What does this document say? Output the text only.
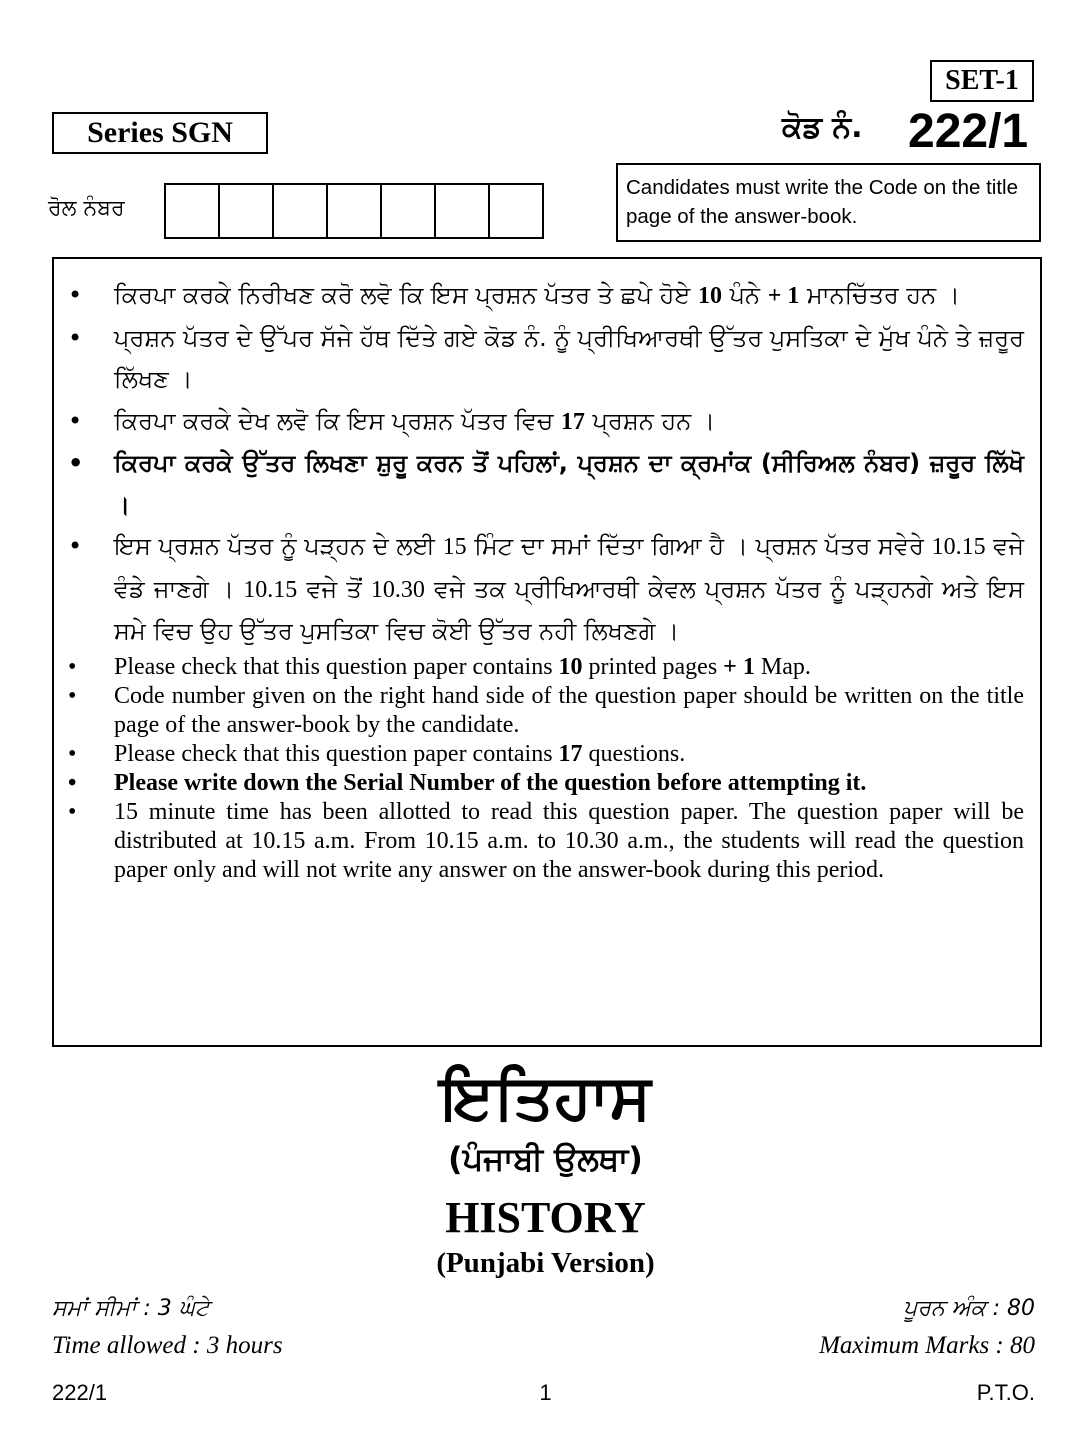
SET-1
Series SGN	ਕੋਡ ਨੰ. 222/1
ਰੋਲ ਨੰਬਰ
Candidates must write the Code on the title page of the answer-book.
• ਕਿਰਪਾ ਕਰਕੇ ਨਿਰੀਖਣ ਕਰੋ ਲਵੋ ਕਿ ਇਸ ਪ੍ਰਸ਼ਨ ਪੱਤਰ ਤੇ ਛਪੇ ਹੋਏ 10 ਪੰਨੇ + 1 ਮਾਨਚਿੱਤਰ ਹਨ ।
• ਪ੍ਰਸ਼ਨ ਪੱਤਰ ਦੇ ਉੱਪਰ ਸੱਜੇ ਹੱਥ ਦਿੱਤੇ ਗਏ ਕੋਡ ਨੰ. ਨੂੰ ਪ੍ਰੀਖਿਆਰਥੀ ਉੱਤਰ ਪੁਸਤਿਕਾ ਦੇ ਮੁੱਖ ਪੰਨੇ ਤੇ ਜ਼ਰੂਰ ਲਿੱਖਣ ।
• ਕਿਰਪਾ ਕਰਕੇ ਦੇਖ ਲਵੋ ਕਿ ਇਸ ਪ੍ਰਸ਼ਨ ਪੱਤਰ ਵਿਚ 17 ਪ੍ਰਸ਼ਨ ਹਨ ।
• ਕਿਰਪਾ ਕਰਕੇ ਉੱਤਰ ਲਿਖਣਾ ਸ਼ੁਰੂ ਕਰਨ ਤੋਂ ਪਹਿਲਾਂ, ਪ੍ਰਸ਼ਨ ਦਾ ਕ੍ਰਮਾਂਕ (ਸੀਰਿਅਲ ਨੰਬਰ) ਜ਼ਰੂਰ ਲਿੱਖੋ ।
• ਇਸ ਪ੍ਰਸ਼ਨ ਪੱਤਰ ਨੂੰ ਪੜ੍ਹਨ ਦੇ ਲਈ 15 ਮਿੰਟ ਦਾ ਸਮਾਂ ਦਿੱਤਾ ਗਿਆ ਹੈ । ਪ੍ਰਸ਼ਨ ਪੱਤਰ ਸਵੇਰੇ 10.15 ਵਜੇ ਵੰਡੇ ਜਾਣਗੇ । 10.15 ਵਜੇ ਤੋਂ 10.30 ਵਜੇ ਤਕ ਪ੍ਰੀਖਿਆਰਥੀ ਕੇਵਲ ਪ੍ਰਸ਼ਨ ਪੱਤਰ ਨੂੰ ਪੜ੍ਹਨਗੇ ਅਤੇ ਇਸ ਸਮੇ ਵਿਚ ਉਹ ਉੱਤਰ ਪੁਸਤਿਕਾ ਵਿਚ ਕੋਈ ਉੱਤਰ ਨਹੀ ਲਿਖਣਗੇ ।
• Please check that this question paper contains 10 printed pages + 1 Map.
• Code number given on the right hand side of the question paper should be written on the title page of the answer-book by the candidate.
• Please check that this question paper contains 17 questions.
• Please write down the Serial Number of the question before attempting it.
• 15 minute time has been allotted to read this question paper. The question paper will be distributed at 10.15 a.m. From 10.15 a.m. to 10.30 a.m., the students will read the question paper only and will not write any answer on the answer-book during this period.
ਇਤਿਹਾਸ
(ਪੰਜਾਬੀ ਉਲਥਾ)
HISTORY
(Punjabi Version)
ਸਮਾਂ ਸੀਮਾਂ : 3 ਘੰਟੇ	ਪੂਰਨ ਅੰਕ : 80
Time allowed : 3 hours	Maximum Marks : 80
222/1	1	P.T.O.
